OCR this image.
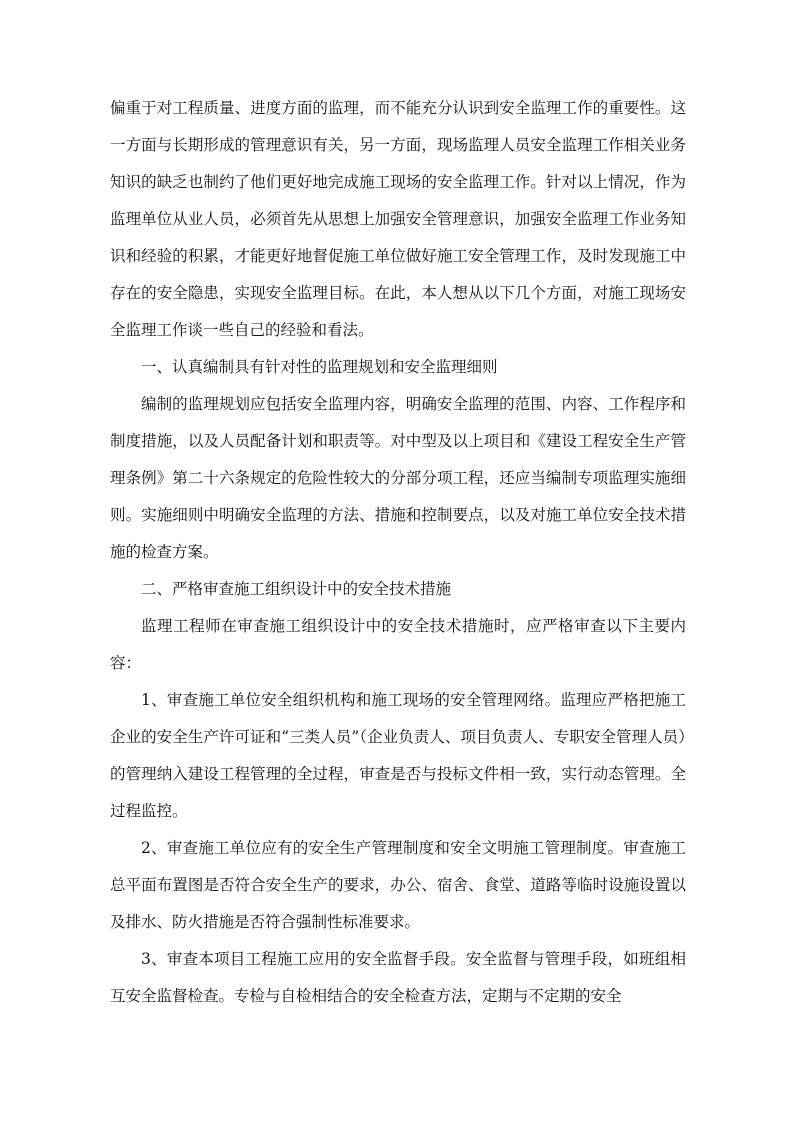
偏重于对工程质量、进度方面的监理，而不能充分认识到安全监理工作的重要性。这一方面与长期形成的管理意识有关，另一方面，现场监理人员安全监理工作相关业务知识的缺乏也制约了他们更好地完成施工现场的安全监理工作。针对以上情况，作为监理单位从业人员，必须首先从思想上加强安全管理意识，加强安全监理工作业务知识和经验的积累，才能更好地督促施工单位做好施工安全管理工作，及时发现施工中存在的安全隐患，实现安全监理目标。在此，本人想从以下几个方面，对施工现场安全监理工作谈一些自己的经验和看法。

一、认真编制具有针对性的监理规划和安全监理细则

编制的监理规划应包括安全监理内容，明确安全监理的范围、内容、工作程序和制度措施，以及人员配备计划和职责等。对中型及以上项目和《建设工程安全生产管理条例》第二十六条规定的危险性较大的分部分项工程，还应当编制专项监理实施细则。实施细则中明确安全监理的方法、措施和控制要点，以及对施工单位安全技术措施的检查方案。

二、严格审查施工组织设计中的安全技术措施

监理工程师在审查施工组织设计中的安全技术措施时，应严格审查以下主要内容：

1、审查施工单位安全组织机构和施工现场的安全管理网络。监理应严格把施工企业的安全生产许可证和“三类人员”（企业负责人、项目负责人、专职安全管理人员）的管理纳入建设工程管理的全过程，审查是否与投标文件相一致，实行动态管理。全过程监控。

2、审查施工单位应有的安全生产管理制度和安全文明施工管理制度。审查施工总平面布置图是否符合安全生产的要求，办公、宿舍、食堂、道路等临时设施设置以及排水、防火措施是否符合强制性标准要求。

3、审查本项目工程施工应用的安全监督手段。安全监督与管理手段，如班组相互安全监督检查。专检与自检相结合的安全检查方法，定期与不定期的安全
